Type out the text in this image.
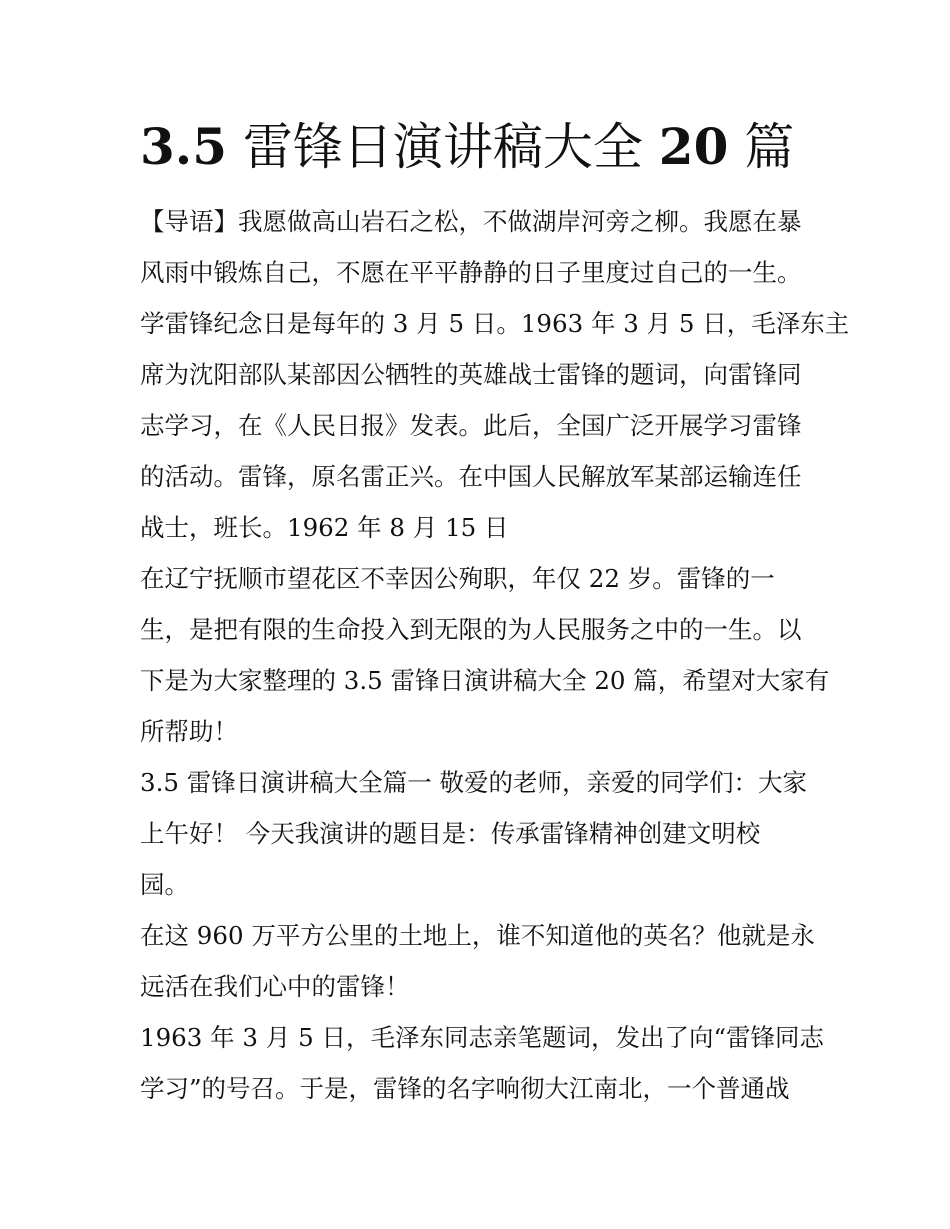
3.5 雷锋日演讲稿大全 20 篇
【导语】我愿做高山岩石之松，不做湖岸河旁之柳。我愿在暴
风雨中锻炼自己，不愿在平平静静的日子里度过自己的一生。
学雷锋纪念日是每年的 3 月 5 日。1963 年 3 月 5 日，毛泽东主
席为沈阳部队某部因公牺牲的英雄战士雷锋的题词，向雷锋同
志学习，在《人民日报》发表。此后，全国广泛开展学习雷锋
的活动。雷锋，原名雷正兴。在中国人民解放军某部运输连任
战士，班长。1962 年 8 月 15 日
在辽宁抚顺市望花区不幸因公殉职，年仅 22 岁。雷锋的一
生，是把有限的生命投入到无限的为人民服务之中的一生。以
下是为大家整理的 3.5 雷锋日演讲稿大全 20 篇，希望对大家有
所帮助！
3.5 雷锋日演讲稿大全篇一 敬爱的老师，亲爱的同学们：大家
上午好！ 今天我演讲的题目是：传承雷锋精神创建文明校
园。
在这 960 万平方公里的土地上，谁不知道他的英名？他就是永
远活在我们心中的雷锋！
1963 年 3 月 5 日，毛泽东同志亲笔题词，发出了向“雷锋同志
学习”的号召。于是，雷锋的名字响彻大江南北，一个普通战
